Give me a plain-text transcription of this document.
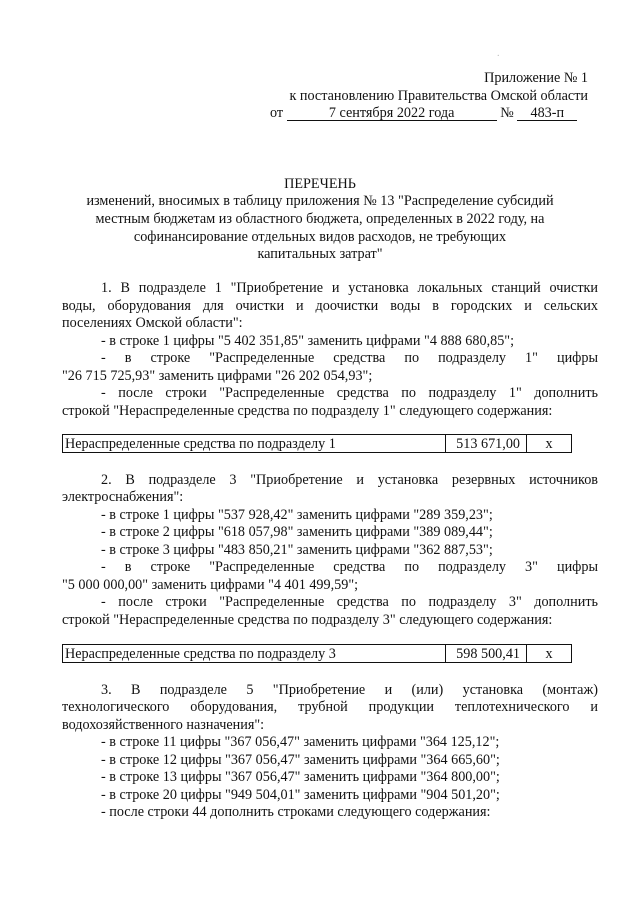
Приложение № 1
к постановлению Правительства Омской области
от	7 сентября 2022 года	№ 483-п
.
ПЕРЕЧЕНЬ
изменений, вносимых в таблицу приложения № 13 "Распределение субсидий
местным бюджетам из областного бюджета, определенных в 2022 году, на
софинансирование отдельных видов расходов, не требующих
капитальных затрат"
1. В подразделе 1 "Приобретение и установка локальных станций очистки
воды, оборудования для очистки и доочистки воды в городских и сельских
поселениях Омской области":
- в строке 1 цифры "5 402 351,85" заменить цифрами "4 888 680,85";
- в строке "Распределенные средства по подразделу 1" цифры
"26 715 725,93" заменить цифрами "26 202 054,93";
- после строки "Распределенные средства по подразделу 1" дополнить
строкой "Нераспределенные средства по подразделу 1" следующего содержания:
Нераспределенные средства по подразделу 1	513 671,00	х
2. В подразделе 3 "Приобретение и установка резервных источников
электроснабжения":
- в строке 1 цифры "537 928,42" заменить цифрами "289 359,23";
- в строке 2 цифры "618 057,98" заменить цифрами "389 089,44";
- в строке 3 цифры "483 850,21" заменить цифрами "362 887,53";
- в строке "Распределенные средства по подразделу 3" цифры
"5 000 000,00" заменить цифрами "4 401 499,59";
- после строки "Распределенные средства по подразделу 3" дополнить
строкой "Нераспределенные средства по подразделу 3" следующего содержания:
Нераспределенные средства по подразделу 3	598 500,41	х
3. В подразделе 5 "Приобретение и (или) установка (монтаж)
технологического оборудования, трубной продукции теплотехнического и
водохозяйственного назначения":
- в строке 11 цифры "367 056,47" заменить цифрами "364 125,12";
- в строке 12 цифры "367 056,47" заменить цифрами "364 665,60";
- в строке 13 цифры "367 056,47" заменить цифрами "364 800,00";
- в строке 20 цифры "949 504,01" заменить цифрами "904 501,20";
- после строки 44 дополнить строками следующего содержания:
